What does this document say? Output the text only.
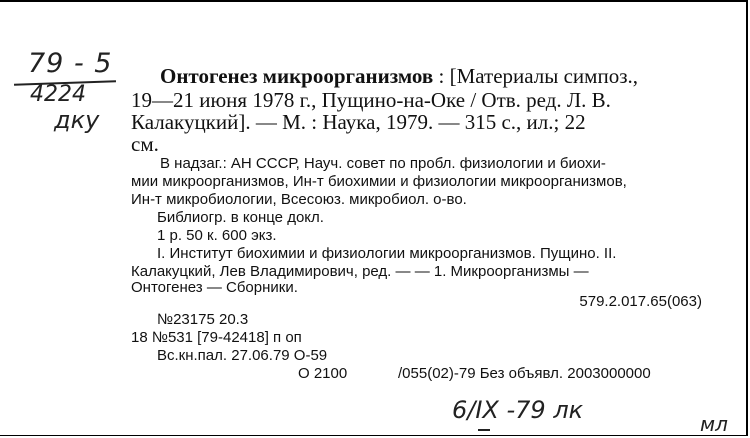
79 - 5
4224
дку
Онтогенез микроорганизмов : [Материалы симпоз.,
19—21 июня 1978 г., Пущино-на-Оке / Отв. ред. Л. В.
Калакуцкий]. — М. : Наука, 1979. — 315 с., ил.; 22
см.
В надзаг.: АН СССР, Науч. совет по пробл. физиологии и биохи-
мии микроорганизмов, Ин-т биохимии и физиологии микроорганизмов,
Ин-т микробиологии, Всесоюз. микробиол. о-во.
Библиогр. в конце докл.
1 р. 50 к. 600 экз.
I. Институт биохимии и физиологии микроорганизмов. Пущино. II.
Калакуцкий, Лев Владимирович, ред. — — 1. Микроорганизмы —
Онтогенез — Сборники.
579.2.017.65(063)
№23175 20.3
18 №531 [79-42418] п оп
Вс.кн.пал. 27.06.79 О-59
О 2100	/055(02)-79 Без объявл. 2003000000
6/IX -79 лк	мл
